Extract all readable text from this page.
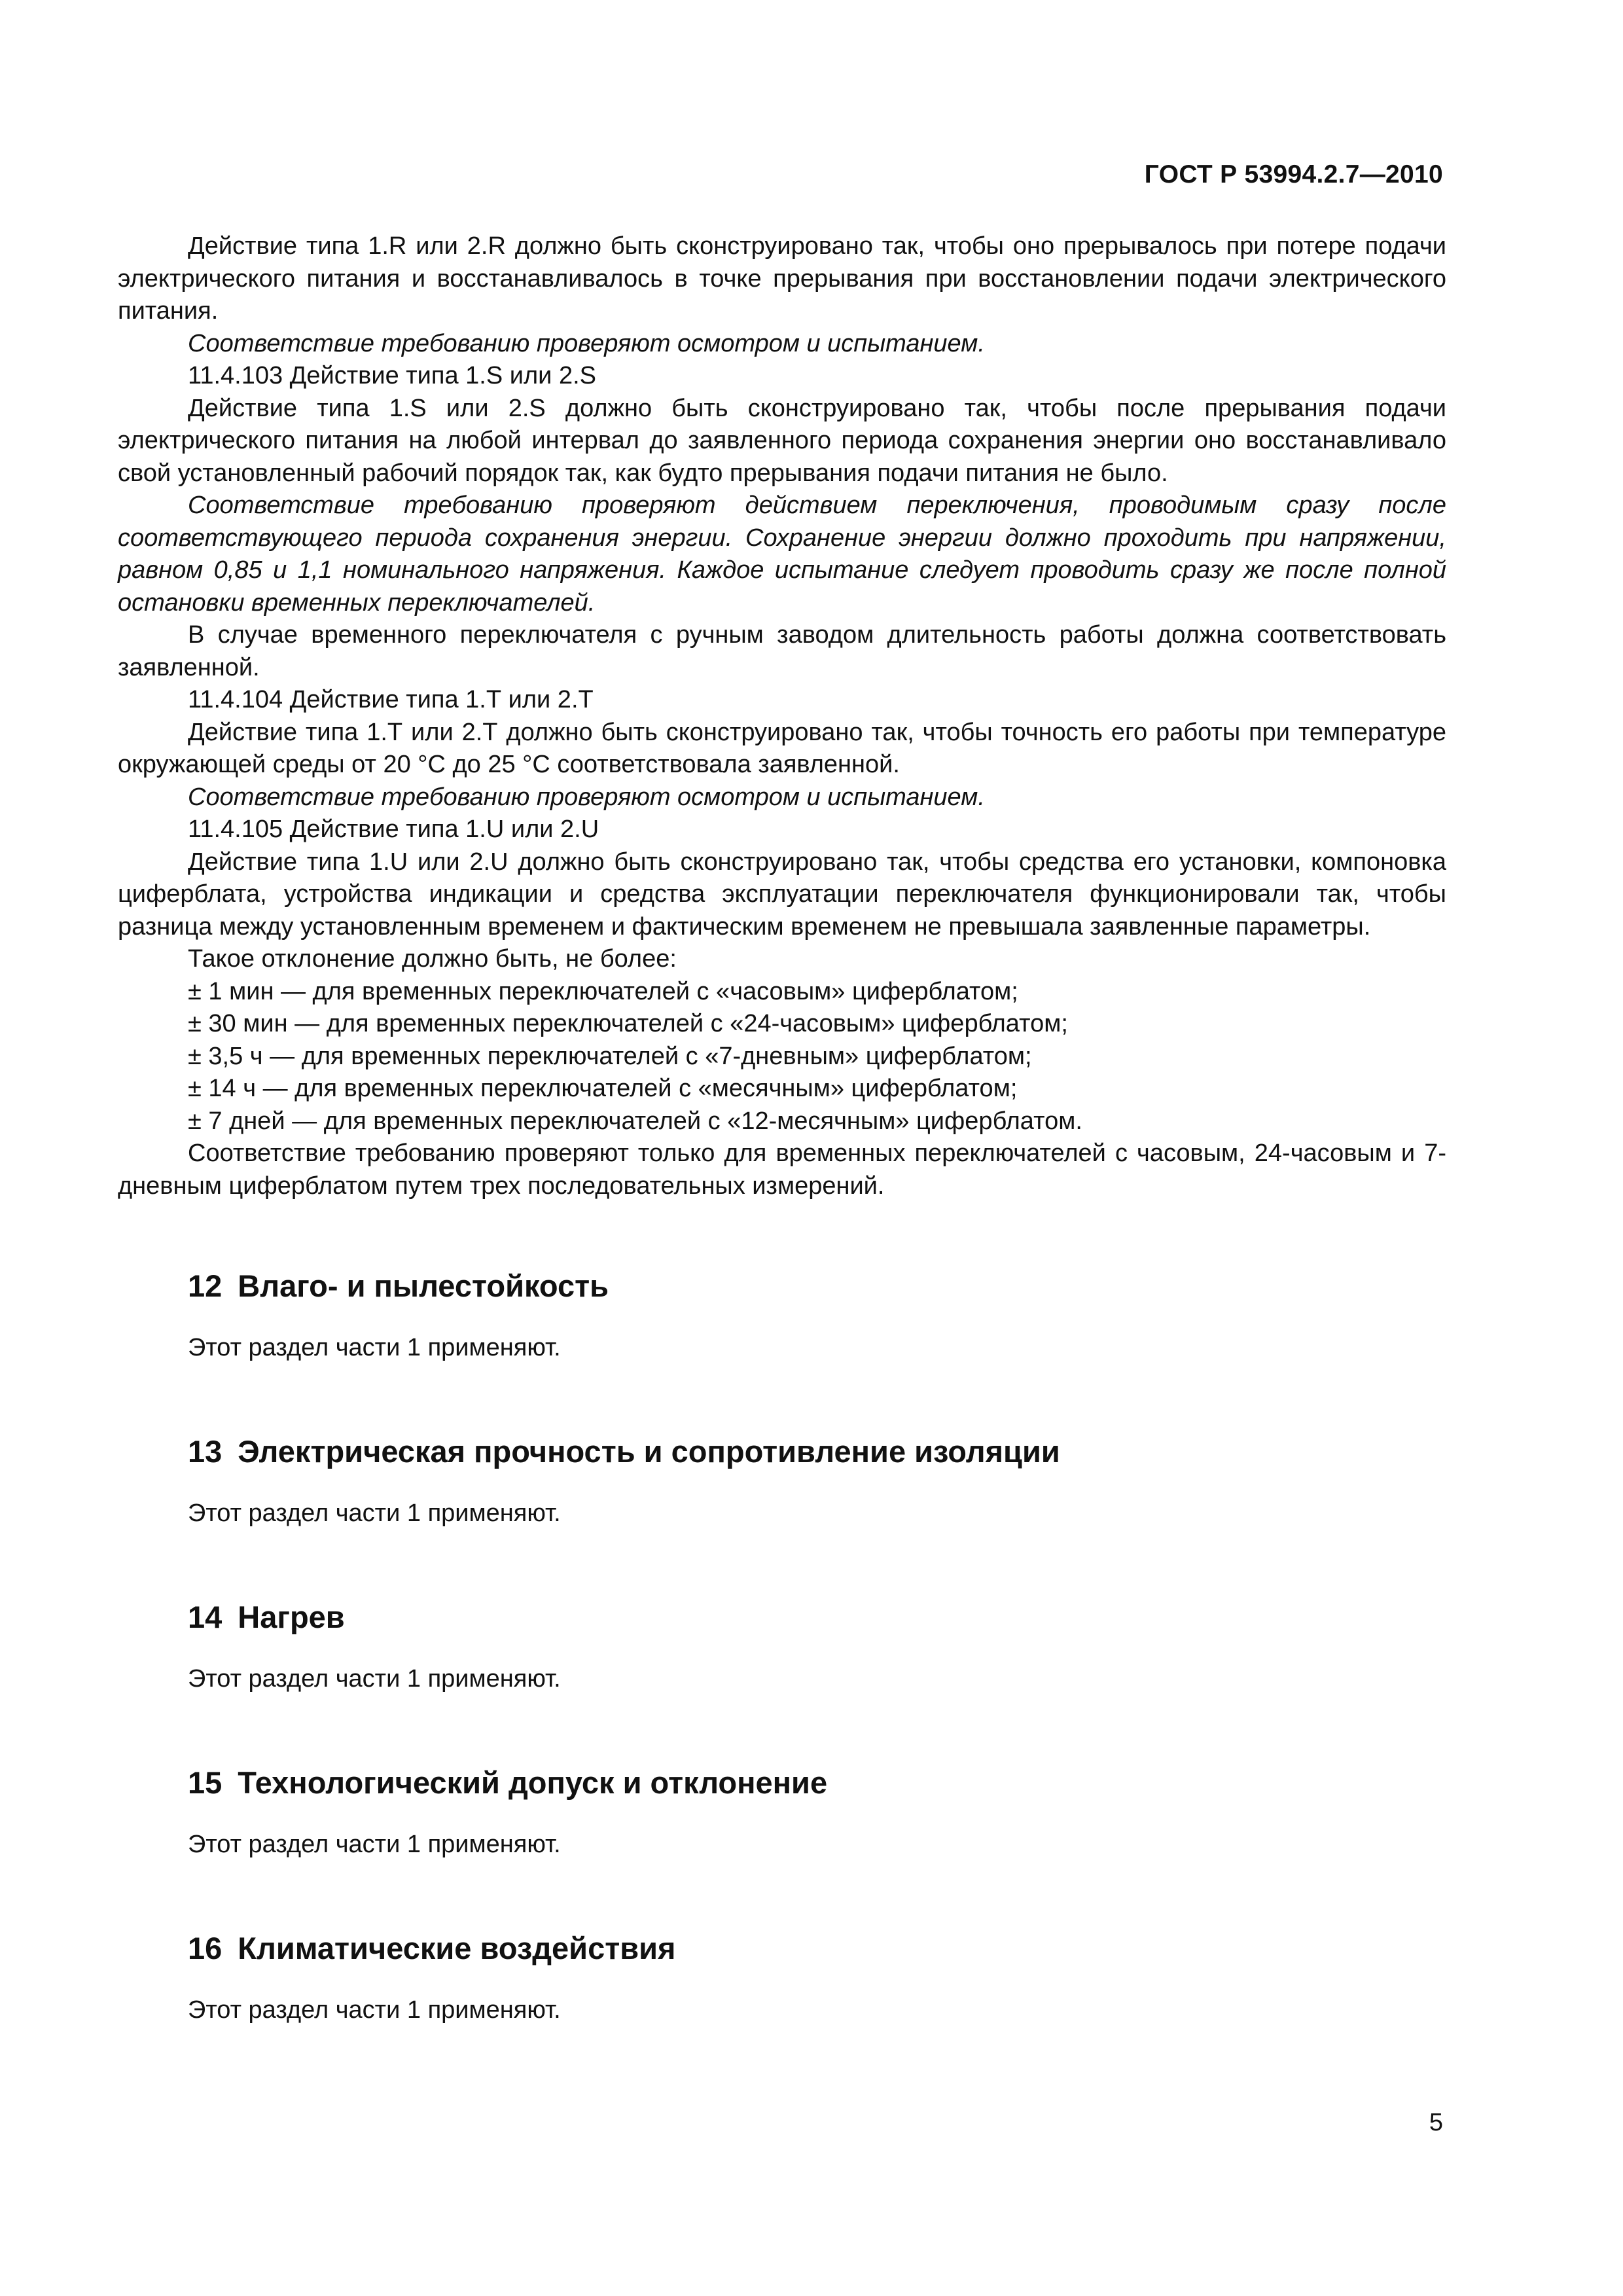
ГОСТ Р 53994.2.7—2010

Действие типа 1.R или 2.R должно быть сконструировано так, чтобы оно прерывалось при потере подачи электрического питания и восстанавливалось в точке прерывания при восстановлении подачи электрического питания.

Соответствие требованию проверяют осмотром и испытанием.

11.4.103 Действие типа 1.S или 2.S

Действие типа 1.S или 2.S должно быть сконструировано так, чтобы после прерывания подачи электрического питания на любой интервал до заявленного периода сохранения энергии оно восстанавливало свой установленный рабочий порядок так, как будто прерывания подачи питания не было.

Соответствие требованию проверяют действием переключения, проводимым сразу после соответствующего периода сохранения энергии. Сохранение энергии должно проходить при напряжении, равном 0,85 и 1,1 номинального напряжения. Каждое испытание следует проводить сразу же после полной остановки временных переключателей.

В случае временного переключателя с ручным заводом длительность работы должна соответствовать заявленной.

11.4.104 Действие типа 1.Т или 2.Т

Действие типа 1.Т или 2.Т должно быть сконструировано так, чтобы точность его работы при температуре окружающей среды от 20 °С до 25 °С соответствовала заявленной.

Соответствие требованию проверяют осмотром и испытанием.

11.4.105 Действие типа 1.U или 2.U

Действие типа 1.U или 2.U должно быть сконструировано так, чтобы средства его установки, компоновка циферблата, устройства индикации и средства эксплуатации переключателя функционировали так, чтобы разница между установленным временем и фактическим временем не превышала заявленные параметры.

Такое отклонение должно быть, не более:

± 1 мин — для временных переключателей с «часовым» циферблатом;

± 30 мин — для временных переключателей с «24-часовым» циферблатом;

± 3,5 ч — для временных переключателей с «7-дневным» циферблатом;

± 14 ч — для временных переключателей с «месячным» циферблатом;

± 7 дней — для временных переключателей с «12-месячным» циферблатом.

Соответствие требованию проверяют только для временных переключателей с часовым, 24-часовым и 7-дневным циферблатом путем трех последовательных измерений.

12 Влаго- и пылестойкость

Этот раздел части 1 применяют.

13 Электрическая прочность и сопротивление изоляции

Этот раздел части 1 применяют.

14 Нагрев

Этот раздел части 1 применяют.

15 Технологический допуск и отклонение

Этот раздел части 1 применяют.

16 Климатические воздействия

Этот раздел части 1 применяют.

5
